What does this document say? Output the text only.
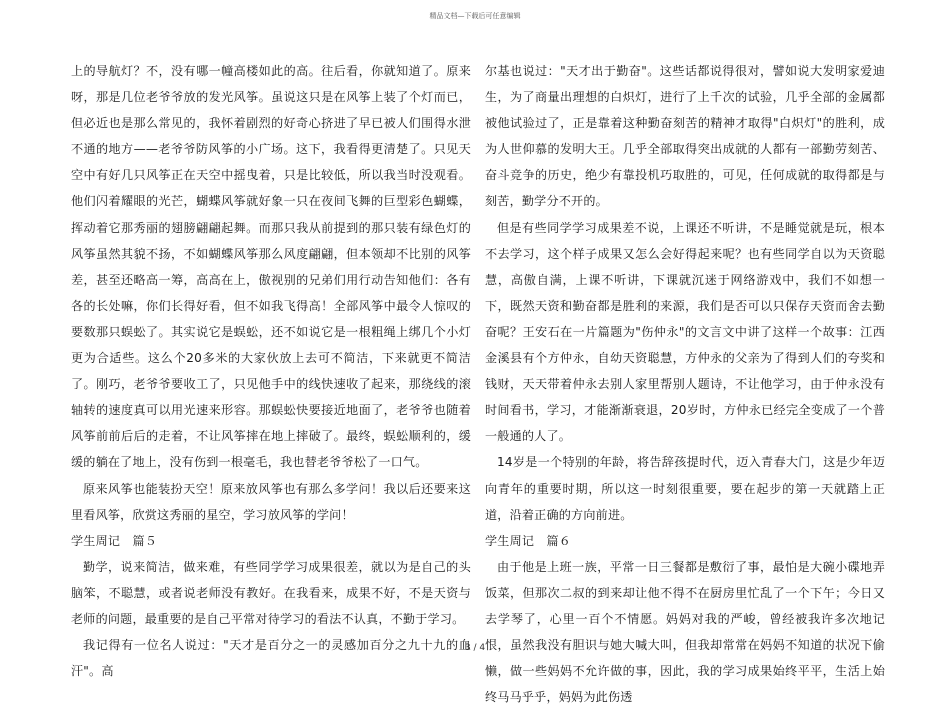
精品文档—下载后可任意编辑

上的导航灯？不，没有哪一幢高楼如此的高。往后看，你就知道了。原来呀，那是几位老爷爷放的发光风筝。虽说这只是在风筝上装了个灯而已，但必近也是那么常见的，我怀着剧烈的好奇心挤进了早已被人们围得水泄不通的地方——老爷爷防风筝的小广场。这下，我看得更清楚了。只见天空中有好几只风筝正在天空中摇曳着，只是比较低，所以我当时没观看。他们闪着耀眼的光芒，蝴蝶风筝就好象一只在夜间飞舞的巨型彩色蝴蝶，挥动着它那秀丽的翅膀翩翩起舞。而那只我从前提到的那只装有绿色灯的风筝虽然其貌不扬，不如蝴蝶风筝那么风度翩翩，但本领却不比别的风筝差，甚至还略高一筹，高高在上，傲视别的兄弟们用行动告知他们：各有各的长处嘛，你们长得好看，但不如我飞得高！全部风筝中最令人惊叹的要数那只蜈蚣了。其实说它是蜈蚣，还不如说它是一根粗绳上绑几个小灯更为合适些。这么个20多米的大家伙放上去可不简洁，下来就更不简洁了。刚巧，老爷爷要收工了，只见他手中的线快速收了起来，那绕线的滚轴转的速度真可以用光速来形容。那蜈蚣快要接近地面了，老爷爷也随着风筝前前后后的走着，不让风筝摔在地上摔破了。最终，蜈蚣顺利的，缓缓的躺在了地上，没有伤到一根毫毛，我也替老爷爷松了一口气。

原来风筝也能装扮天空！原来放风筝也有那么多学问！我以后还要来这里看风筝，欣赏这秀丽的星空，学习放风筝的学问！

学生周记　篇５

勤学，说来简洁，做来难，有些同学学习成果很差，就以为是自己的头脑笨，不聪慧，或者说老师没有教好。在我看来，成果不好，不是天资与老师的问题，最重要的是自己平常对待学习的看法不认真，不勤于学习。

我记得有一位名人说过："天才是百分之一的灵感加百分之九十九的血汗"。高

尔基也说过："天才出于勤奋"。这些话都说得很对，譬如说大发明家爱迪生，为了商量出理想的白炽灯，进行了上千次的试验，几乎全部的金属都被他试验过了，正是靠着这种勤奋刻苦的精神才取得"白炽灯"的胜利，成为人世仰慕的发明大王。几乎全部取得突出成就的人都有一部勤劳刻苦、奋斗竞争的历史，绝少有靠投机巧取胜的，可见，任何成就的取得都是与刻苦，勤学分不开的。

但是有些同学学习成果差不说，上课还不听讲，不是睡觉就是玩，根本不去学习，这个样子成果又怎么会好得起来呢？也有些同学自以为天资聪慧，高傲自满，上课不听讲，下课就沉迷于网络游戏中，我们不如想一下，既然天资和勤奋都是胜利的来源，我们是否可以只保存天资而舍去勤奋呢？王安石在一片篇题为"伤仲永"的文言文中讲了这样一个故事：江西金溪县有个方仲永，自幼天资聪慧，方仲永的父亲为了得到人们的夸奖和钱财，天天带着仲永去别人家里帮别人题诗，不让他学习，由于仲永没有时间看书，学习，才能渐渐衰退，20岁时，方仲永已经完全变成了一个普一般通的人了。

14岁是一个特别的年龄，将告辞孩提时代，迈入青春大门，这是少年迈向青年的重要时期，所以这一时刻很重要，要在起步的第一天就踏上正道，沿着正确的方向前进。

学生周记　篇６

由于他是上班一族，平常一日三餐都是敷衍了事，最怕是大碗小碟地弄饭菜，但那次二叔的到来却让他不得不在厨房里忙乱了一个下午；今日又去学琴了，心里一百个不情愿。妈妈对我的严峻，曾经被我许多次地记恨，虽然我没有胆识与她大喊大叫，但我却常常在妈妈不知道的状况下偷懒，做一些妈妈不允许做的事，因此，我的学习成果始终平平，生活上始终马马乎乎，妈妈为此伤透

3 / 4
